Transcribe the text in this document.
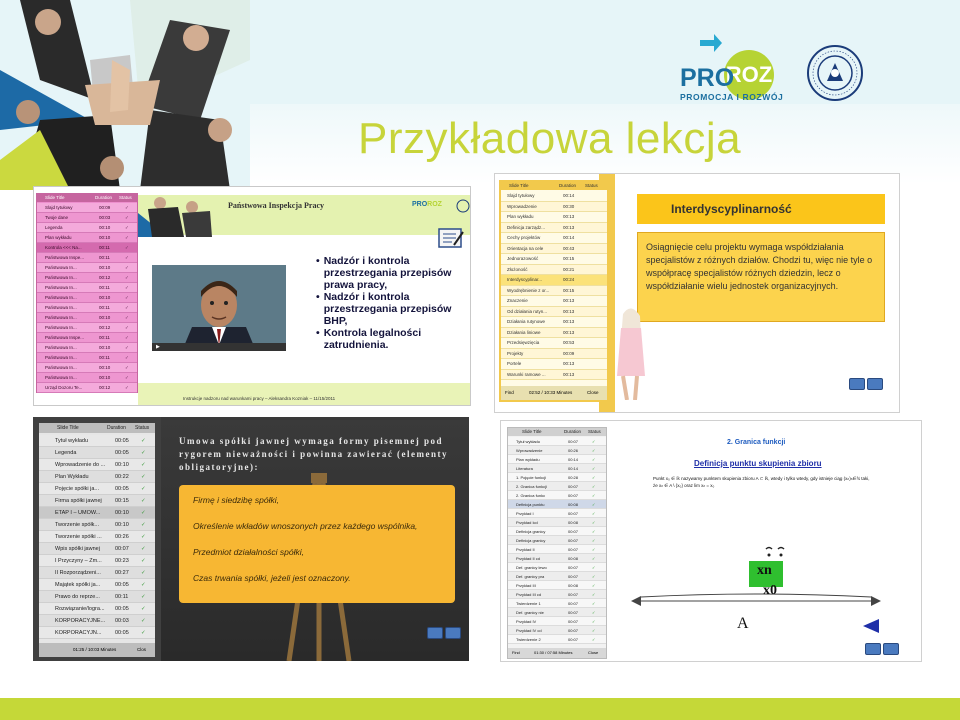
ROZ
PRO
PROMOCJA I ROZWÓJ
Przykładowa lekcja
Slide Title	Duration Status
Slajd tytułowy	00:09	✓
Twoje dane	00:03	✓
Legenda	00:10	✓
Plan wykładu	00:10	✓
Kontrola <<< Na...	00:11	✓
Państwowa Inspe...	00:11	✓
Państwowa In...	00:10	✓
Państwowa In...	00:12	✓
Państwowa In...	00:11	✓
Państwowa In...	00:10	✓
Państwowa In...	00:11	✓
Państwowa In...	00:10	✓
Państwowa In...	00:12	✓
Państwowa Inspe...	00:11	✓
Państwowa In...	00:10	✓
Państwowa In...	00:11	✓
Państwowa In...	00:10	✓
Państwowa In...	00:10	✓
Urząd Dozoru Te...	00:12	✓
Państwowa Inspekcja Pracy	PROROZ
▶
• Nadzór i kontrola przestrzegania przepisów prawa pracy,
• Nadzór i kontrola przestrzegania przepisów BHP,
• Kontrola legalności zatrudnienia.
Instrukcje nadzoru nad warunkami pracy – Aleksandra Kozniak – 11/15/2011
Slide Title	Duration Status
Slajd tytułowy	00:14
Wprowadzenie	00:30
Plan wykładu	00:13
Definicja zarządz...	00:13
Cechy projektów	00:14
Orientacja na cele	00:43
Jednorazowość	00:15
Złożoność	00:21
Interdyscyplinar...	00:24
Wyodrębnienie z or...	00:15
Znaczenie	00:13
Od działania rutyn...	00:13
Działania rutynowe	00:13
Działania liniowe	00:13
Przedsięwzięcia	00:53
Projekty	00:09
Portele	00:13
Warunki ramowe ...	00:13
Find	02:52 / 10:33 Minutes	Close
Interdyscyplinarność
Osiągnięcie celu projektu wymaga współdziałania specjalistów z różnych działów. Chodzi tu, więc nie tyle o współpracę specjalistów różnych dziedzin, lecz o współdziałanie wielu jednostek organizacyjnych.
Slide Title	Duration Status
Tytuł wykładu	00:05 ✓
Legenda	00:05 ✓
Wprowadzenie do ... 00:10 ✓
Plan Wykładu	00:22 ✓
Pojęcie spółki ja...	00:05 ✓
Firma spółki jawnej 00:15 ✓
ETAP I – UMOW...	00:10 ✓
Tworzenie spółk...	00:10 ✓
Tworzenie spółki ... 00:26 ✓
Wpis spółki jawnej	00:07 ✓
I Przyczyny – Zm... 00:23 ✓
II Rozporządzeni...	00:27 ✓
Majątek spółki ja...	00:05 ✓
Prawo do reprze...	00:11 ✓
Rozwiązanie/logra... 00:05 ✓
KORPORACYJNE... 00:03 ✓
KORPORACYJN... 00:05 ✓
01:25 / 10:03 Minutes	Clos
Umowa spółki jawnej wymaga formy pisemnej pod rygorem nieważności i powinna zawierać (elementy obligatoryjne):
Firmę i siedzibę spółki,
Określenie wkładów wnoszonych przez każdego wspólnika,
Przedmiot działalności spółki,
Czas trwania spółki, jeżeli jest oznaczony.
Slide Title	Duration Status
Tytuł wykładu	00:07	✓
Wprowadzenie	00:26	✓
Plan wykładu	00:14	✓
Literatura	00:14	✓
1. Pojęcie funkcji	00:28	✓
2. Granica funkcji	00:07	✓
2. Granica funkc	00:07	✓
Definicja punktu	00:08	✓
Przykład I	00:07	✓
Przykład Icd	00:08	✓
Definicja granicy	00:07	✓
Definicja granicy	00:07	✓
Przykład II	00:07	✓
Przykład II cd	00:08	✓
Def. granicy lewo	00:07	✓
Def. granicy pra	00:07	✓
Przykład III	00:08	✓
Przykład III cd	00:07	✓
Twierdzenie 1	00:07	✓
Def. granicy nie	00:07	✓
Przykład IV	00:07	✓
Przykład IV cd	00:07	✓
Twierdzenie 2	00:07	✓
Find	01:30 / 07:58 Minutes	Close
2. Granica funkcji
Definicja punktu skupienia zbioru
Punkt x₀ ∈ ℝ nazywamy punktem skupienia zbioru A ⊂ ℝ, wtedy i tylko wtedy, gdy istnieje ciąg (xₙ)ₙ∈ℕ taki, że xₙ ∈ A \ {x₀} oraz lim xₙ = x₀
xn
x0
A
